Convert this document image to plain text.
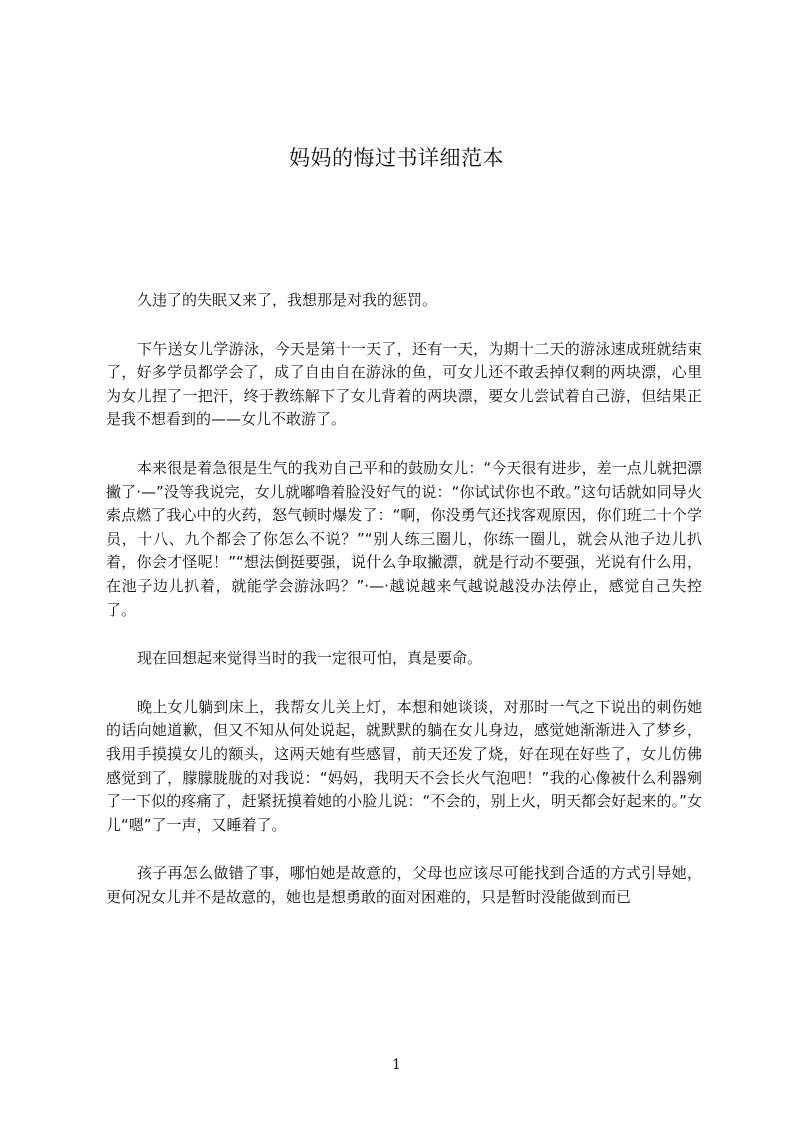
妈妈的悔过书详细范本

久违了的失眠又来了，我想那是对我的惩罚。

下午送女儿学游泳，今天是第十一天了，还有一天，为期十二天的游泳速成班就结束了，好多学员都学会了，成了自由自在游泳的鱼，可女儿还不敢丢掉仅剩的两块漂，心里为女儿捏了一把汗，终于教练解下了女儿背着的两块漂，要女儿尝试着自己游，但结果正是我不想看到的——女儿不敢游了。

本来很是着急很是生气的我劝自己平和的鼓励女儿：“今天很有进步，差一点儿就把漂撇了·—”没等我说完，女儿就嘟噜着脸没好气的说：“你试试你也不敢。”这句话就如同导火索点燃了我心中的火药，怒气顿时爆发了：“啊，你没勇气还找客观原因，你们班二十个学员，十八、九个都会了你怎么不说？”“别人练三圈儿，你练一圈儿，就会从池子边儿扒着，你会才怪呢！”“想法倒挺要强，说什么争取撇漂，就是行动不要强，光说有什么用，在池子边儿扒着，就能学会游泳吗？”·—·越说越来气越说越没办法停止，感觉自己失控了。

现在回想起来觉得当时的我一定很可怕，真是要命。

晚上女儿躺到床上，我帮女儿关上灯，本想和她谈谈，对那时一气之下说出的刺伤她的话向她道歉，但又不知从何处说起，就默默的躺在女儿身边，感觉她渐渐进入了梦乡，我用手摸摸女儿的额头，这两天她有些感冒，前天还发了烧，好在现在好些了，女儿仿佛感觉到了，朦朦胧胧的对我说：“妈妈，我明天不会长火气泡吧！”我的心像被什么利器剜了一下似的疼痛了，赶紧抚摸着她的小脸儿说：“不会的，别上火，明天都会好起来的。”女儿“嗯”了一声，又睡着了。

孩子再怎么做错了事，哪怕她是故意的，父母也应该尽可能找到合适的方式引导她，更何况女儿并不是故意的，她也是想勇敢的面对困难的，只是暂时没能做到而已

1
